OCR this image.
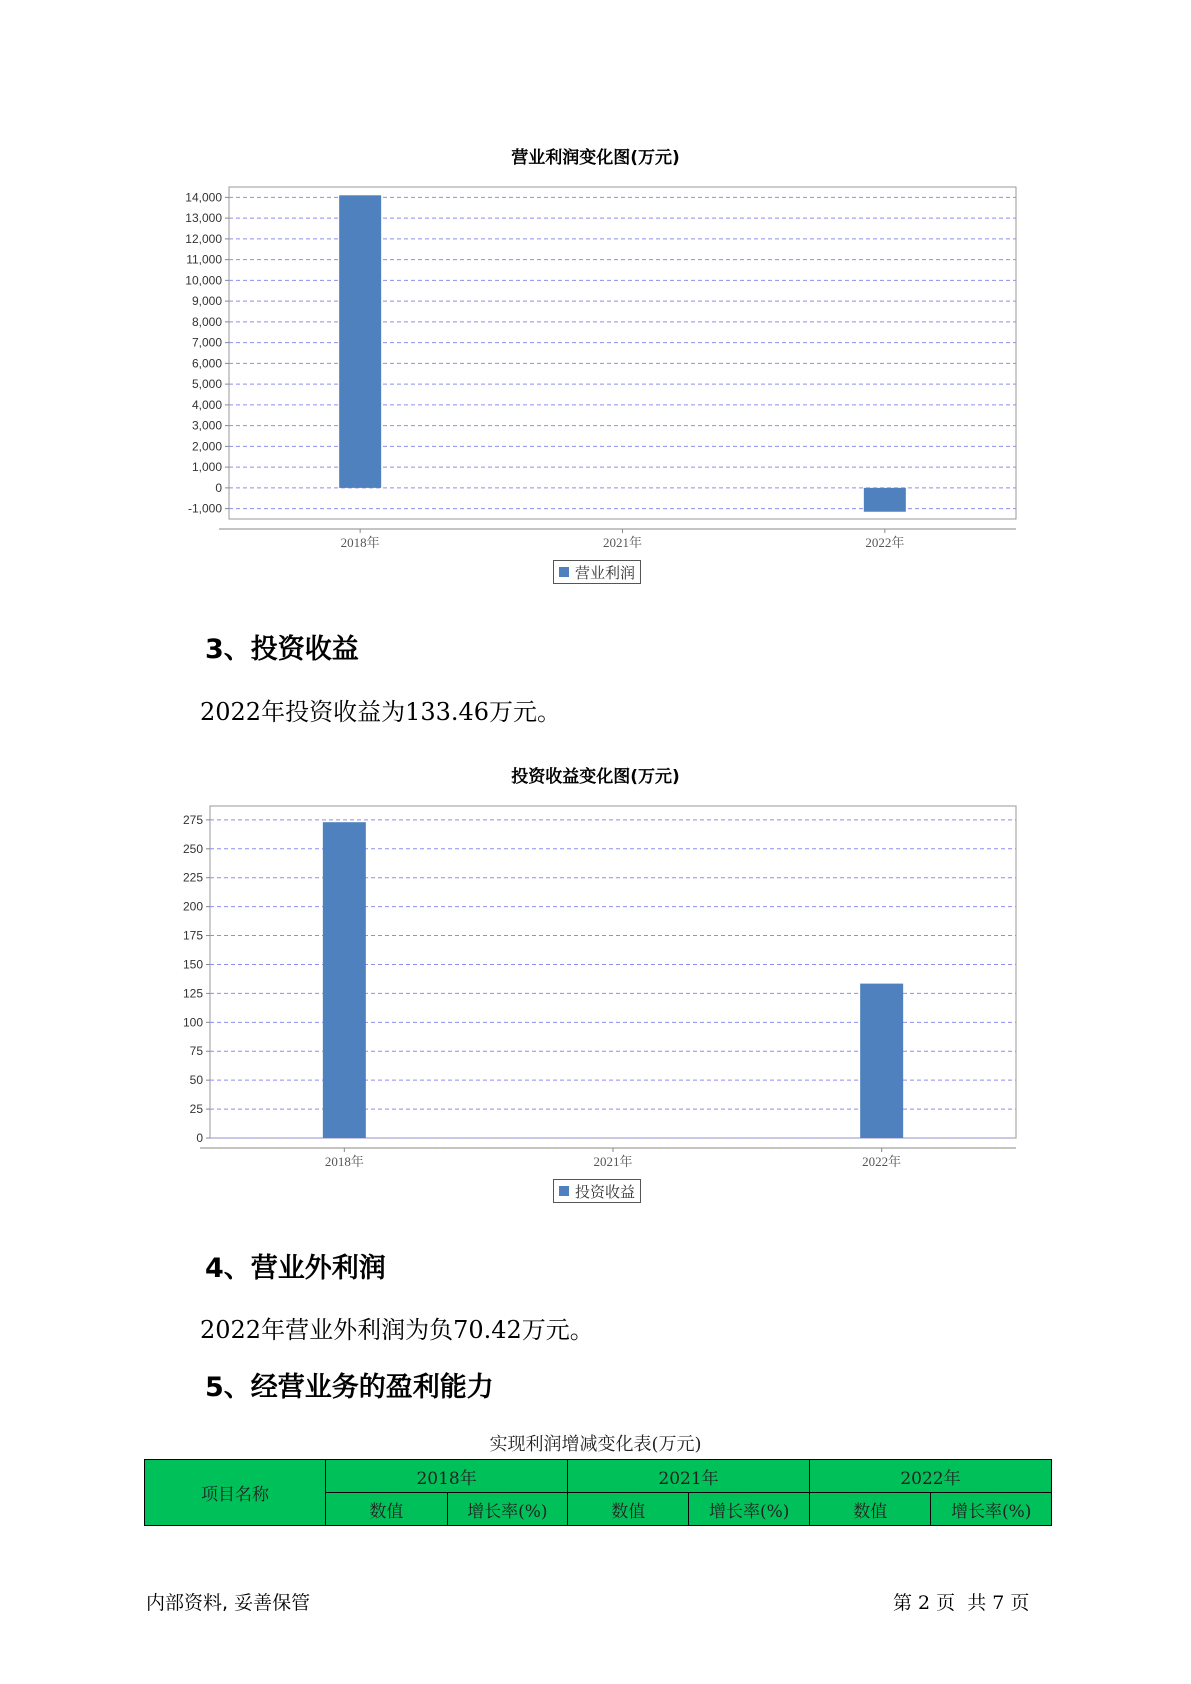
营业利润变化图(万元)
-1,000
0
1,000
2,000
3,000
4,000
5,000
6,000
7,000
8,000
9,000
10,000
11,000
12,000
13,000
14,000
2018年	2021年	2022年
营业利润
3、投资收益
2022年投资收益为133.46万元。
投资收益变化图(万元)
0
25
50
75
100
125
150
175
200
225
250
275
2018年	2021年	2022年
投资收益
4、营业外利润
2022年营业外利润为负70.42万元。
5、经营业务的盈利能力
实现利润增减变化表(万元)
项目名称	2018年		2021年		2022年	
	数值	增长率(%)	数值	增长率(%)	数值	增长率(%)
内部资料, 妥善保管	第 2 页  共 7 页
